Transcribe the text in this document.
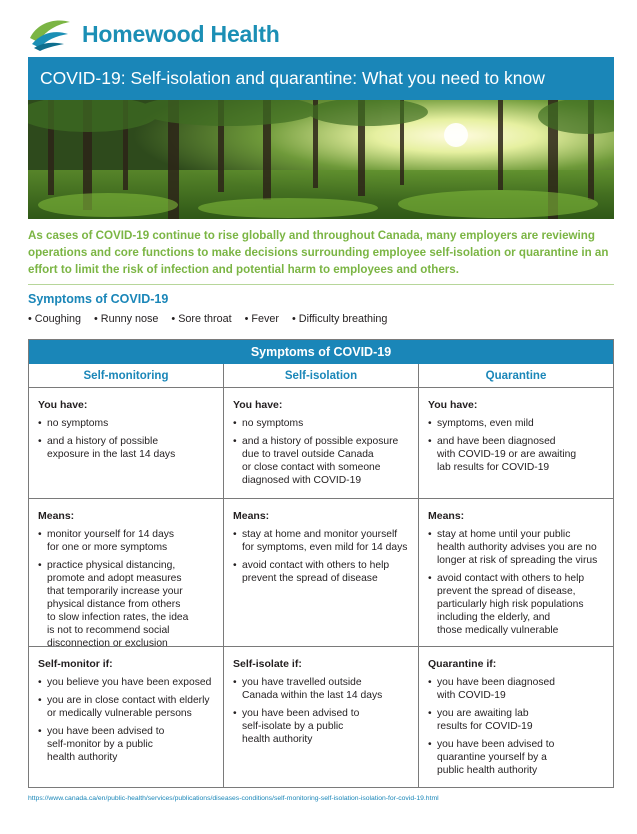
Homewood Health
COVID-19: Self-isolation and quarantine: What you need to know
As cases of COVID-19 continue to rise globally and throughout Canada, many employers are reviewing operations and core functions to make decisions surrounding employee self-isolation or quarantine in an effort to limit the risk of infection and potential harm to employees and others.
Symptoms of COVID-19
• Coughing • Runny nose • Sore throat • Fever • Difficulty breathing
Symptoms of COVID-19
Self-monitoring	Self-isolation	Quarantine
You have:
• no symptoms
• and a history of possible
exposure in the last 14 days
You have:
• no symptoms
• and a history of possible exposure
due to travel outside Canada
or close contact with someone
diagnosed with COVID-19
You have:
• symptoms, even mild
• and have been diagnosed
with COVID-19 or are awaiting
lab results for COVID-19
Means:
• monitor yourself for 14 days
for one or more symptoms
• practice physical distancing,
promote and adopt measures
that temporarily increase your
physical distance from others
to slow infection rates, the idea
is not to recommend social
disconnection or exclusion
Means:
• stay at home and monitor yourself
for symptoms, even mild for 14 days
• avoid contact with others to help
prevent the spread of disease
Means:
• stay at home until your public
health authority advises you are no
longer at risk of spreading the virus
• avoid contact with others to help
prevent the spread of disease,
particularly high risk populations
including the elderly, and
those medically vulnerable
Self-monitor if:
• you believe you have been exposed
• you are in close contact with elderly
or medically vulnerable persons
• you have been advised to
self-monitor by a public
health authority
Self-isolate if:
• you have travelled outside
Canada within the last 14 days
• you have been advised to
self-isolate by a public
health authority
Quarantine if:
• you have been diagnosed
with COVID-19
• you are awaiting lab
results for COVID-19
• you have been advised to
quarantine yourself by a
public health authority
https://www.canada.ca/en/public-health/services/publications/diseases-conditions/self-monitoring-self-isolation-isolation-for-covid-19.html
